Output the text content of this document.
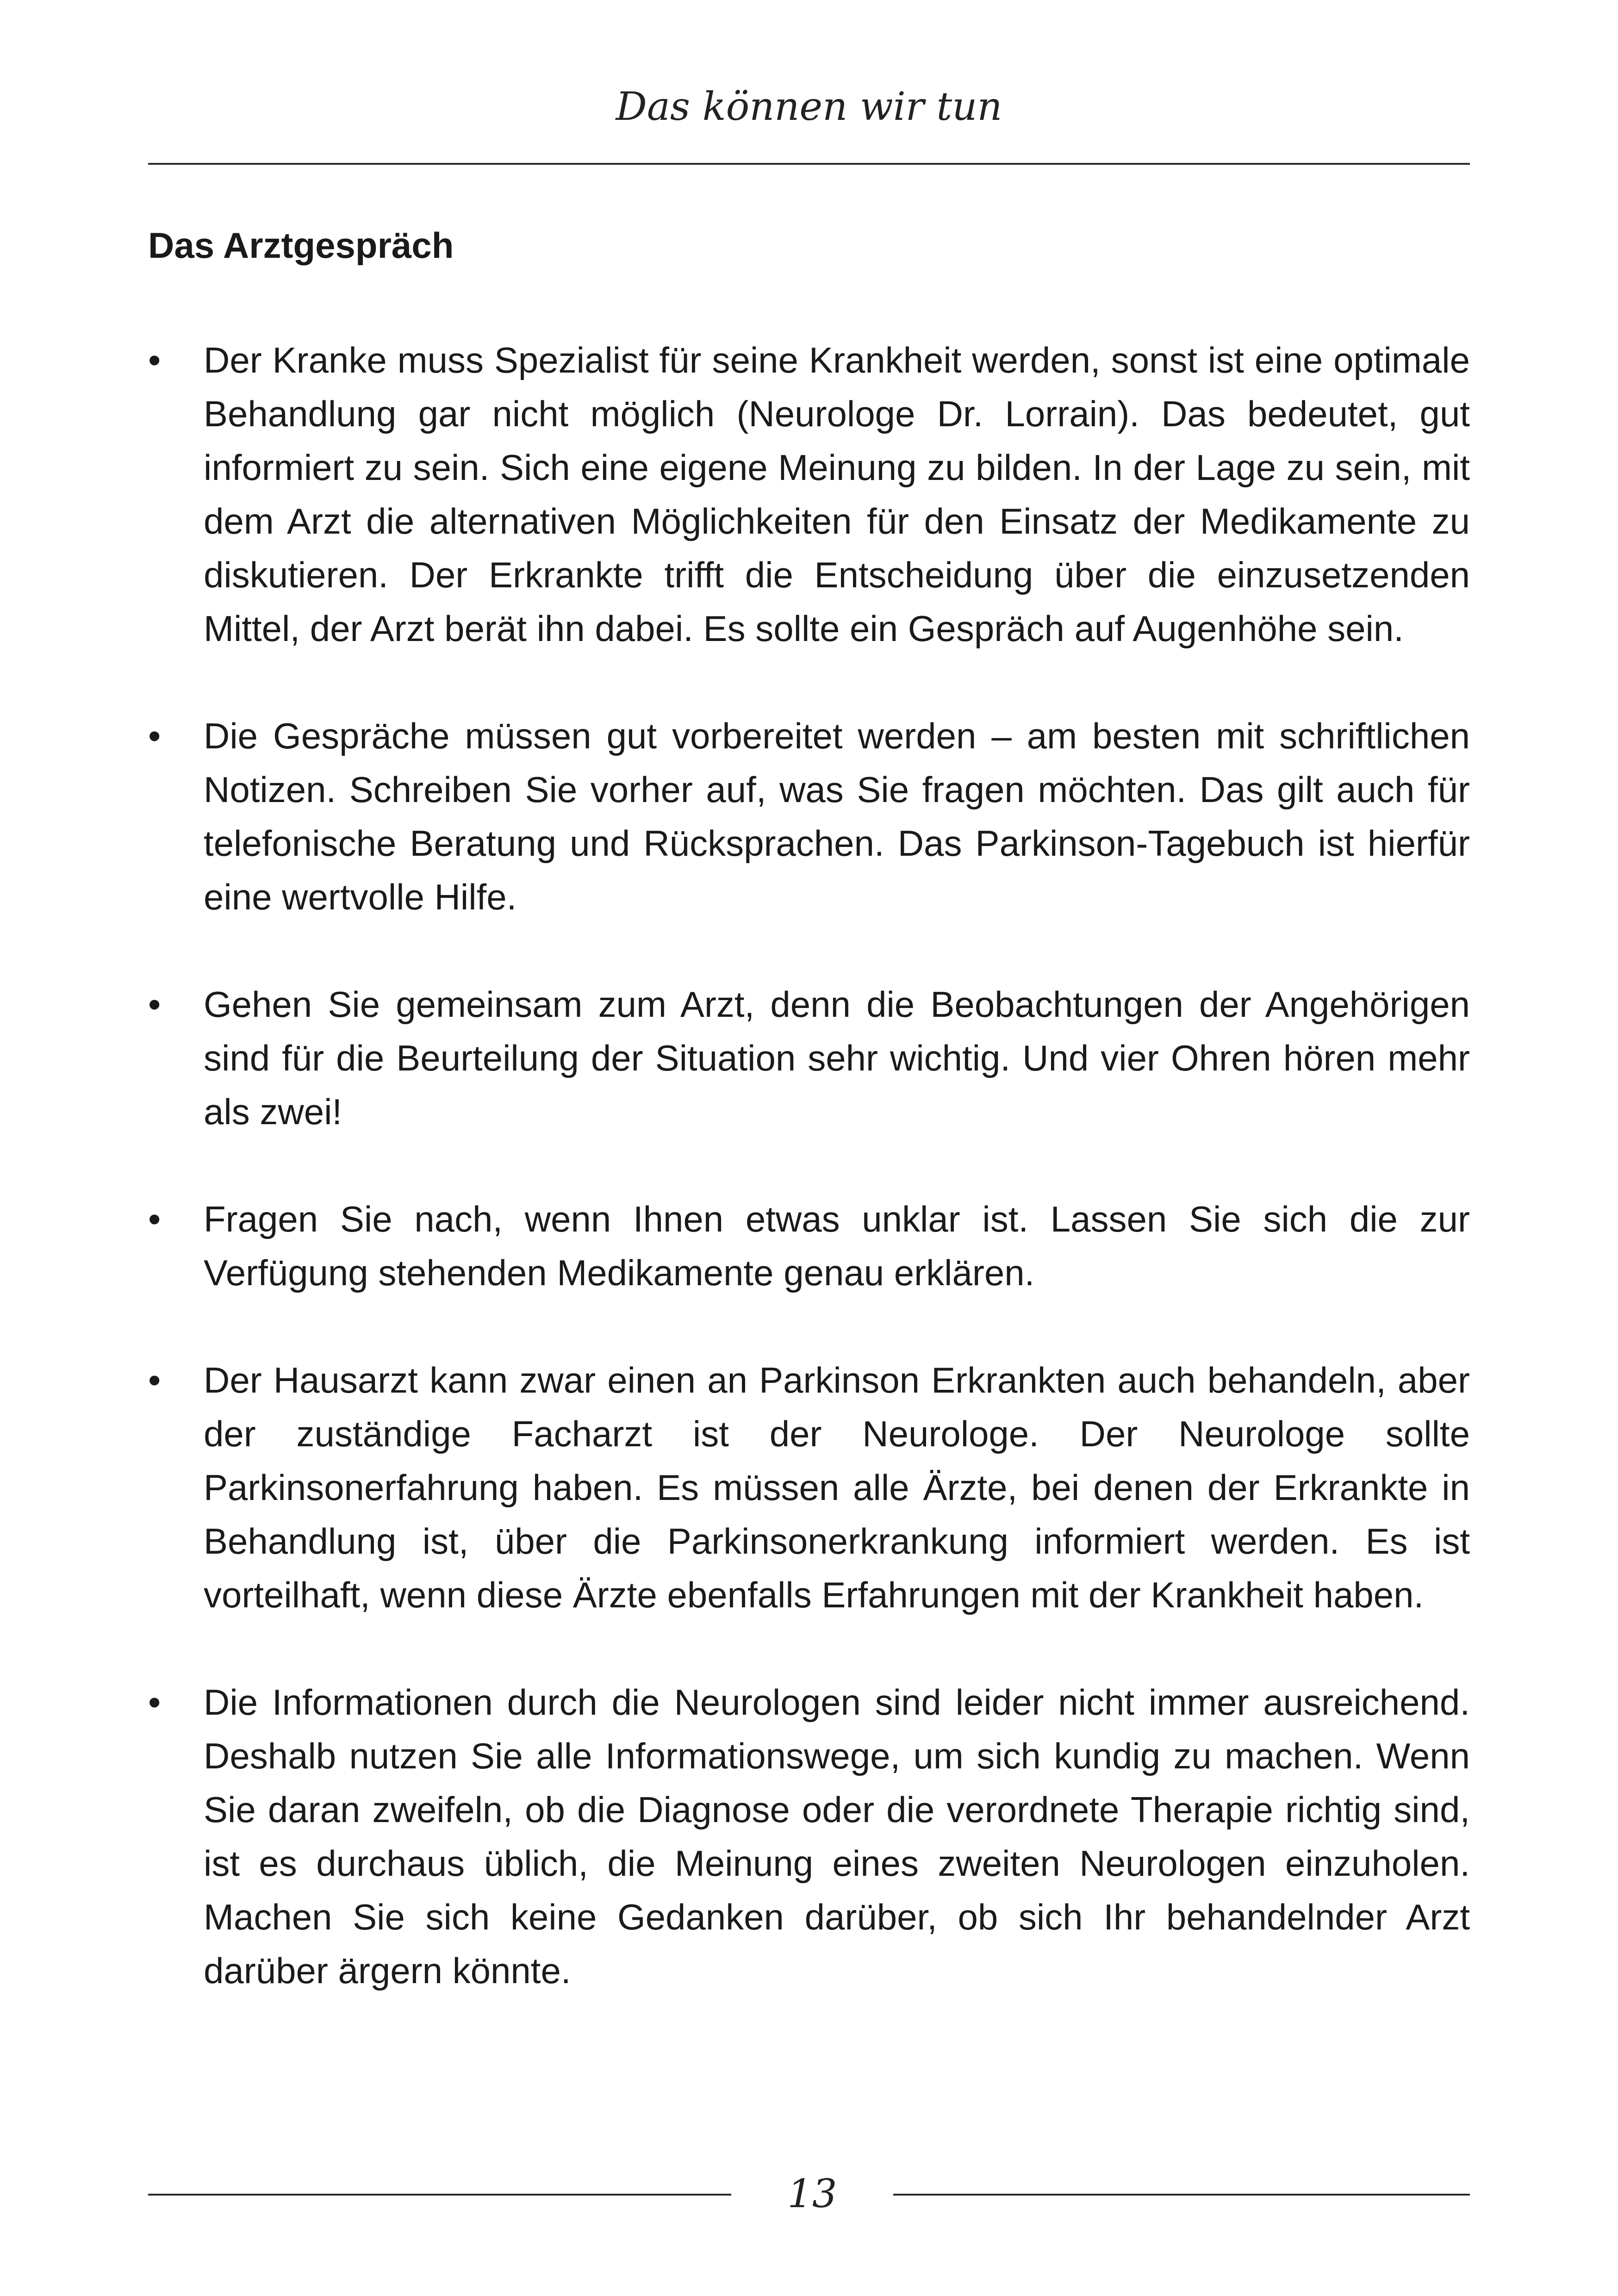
Das können wir tun
Das Arztgespräch
• Der Kranke muss Spezialist für seine Krankheit werden, sonst ist eine optimale Behandlung gar nicht möglich (Neurologe Dr. Lorrain). Das bedeutet, gut informiert zu sein. Sich eine eigene Meinung zu bilden. In der Lage zu sein, mit dem Arzt die alternativen Möglichkeiten für den Einsatz der Medikamente zu diskutieren. Der Erkrankte trifft die Entscheidung über die einzusetzenden Mittel, der Arzt berät ihn dabei. Es sollte ein Gespräch auf Augenhöhe sein.
• Die Gespräche müssen gut vorbereitet werden – am besten mit schriftlichen Notizen. Schreiben Sie vorher auf, was Sie fragen möchten. Das gilt auch für telefonische Beratung und Rücksprachen. Das Parkinson-Tagebuch ist hierfür eine wertvolle Hilfe.
• Gehen Sie gemeinsam zum Arzt, denn die Beobachtungen der Angehörigen sind für die Beurteilung der Situation sehr wichtig. Und vier Ohren hören mehr als zwei!
• Fragen Sie nach, wenn Ihnen etwas unklar ist. Lassen Sie sich die zur Verfügung stehenden Medikamente genau erklären.
• Der Hausarzt kann zwar einen an Parkinson Erkrankten auch behandeln, aber der zuständige Facharzt ist der Neurologe. Der Neurologe sollte Parkinsonerfahrung haben. Es müssen alle Ärzte, bei denen der Erkrankte in Behandlung ist, über die Parkinsonerkrankung informiert werden. Es ist vorteilhaft, wenn diese Ärzte ebenfalls Erfahrungen mit der Krankheit haben.
• Die Informationen durch die Neurologen sind leider nicht immer ausreichend. Deshalb nutzen Sie alle Informationswege, um sich kundig zu machen. Wenn Sie daran zweifeln, ob die Diagnose oder die verordnete Therapie richtig sind, ist es durchaus üblich, die Meinung eines zweiten Neurologen einzuholen. Machen Sie sich keine Gedanken darüber, ob sich Ihr behandelnder Arzt darüber ärgern könnte.
13
